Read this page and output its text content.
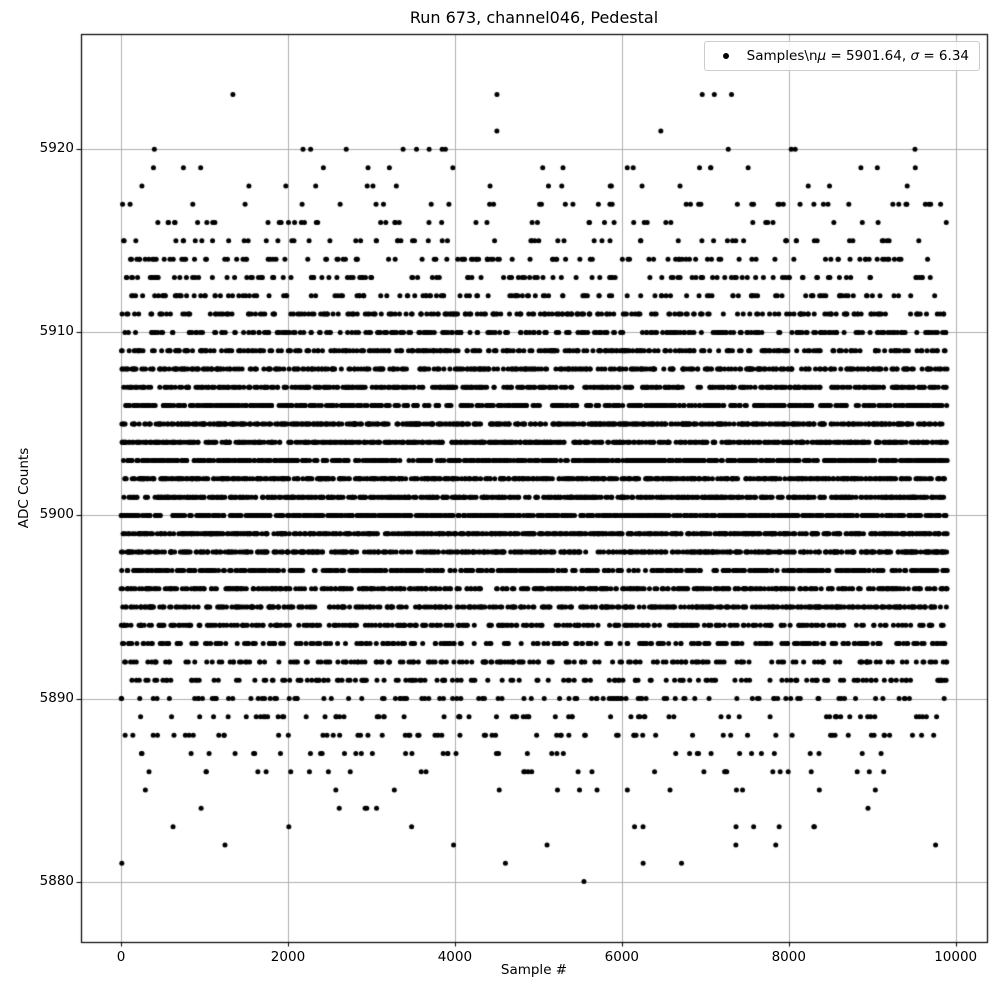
Run 673, channel046, Pedestal
Sample #
ADC Counts
0	2000	4000	6000	8000	10000
5880
5890
5900
5910
5920
Samples\nμ = 5901.64, σ = 6.34
